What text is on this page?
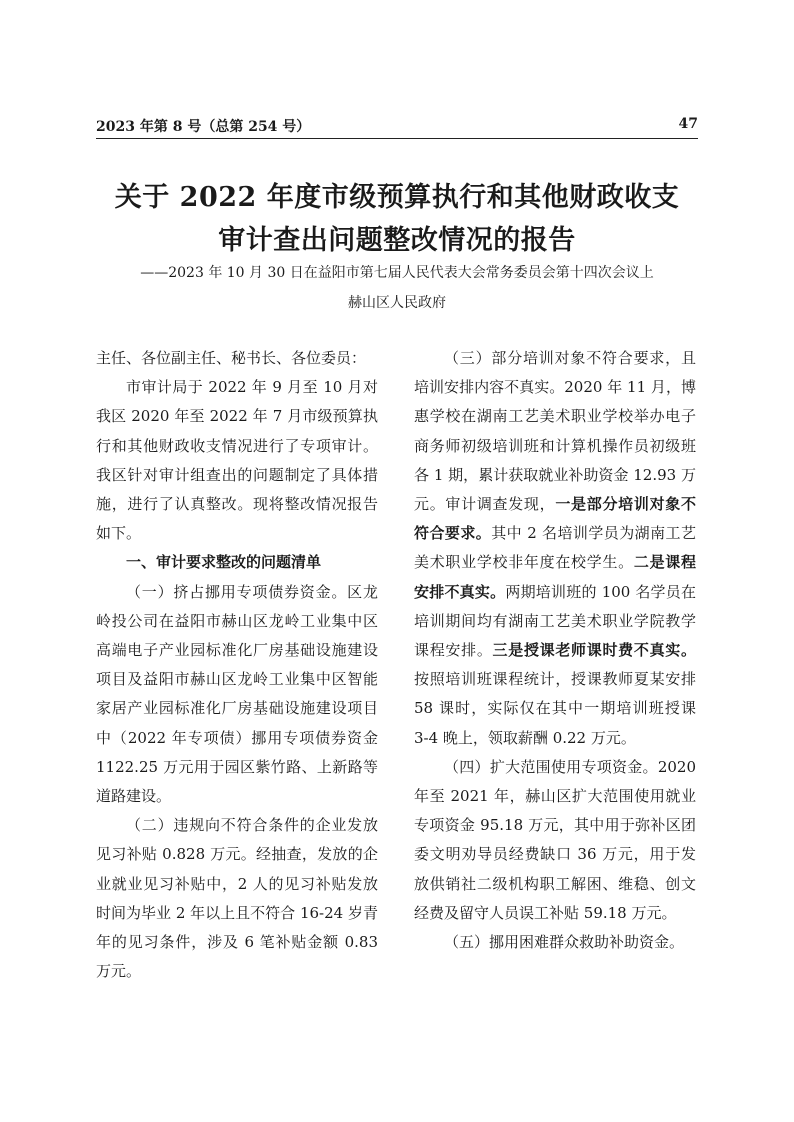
2023 年第 8 号（总第 254 号）	47
关于 2022 年度市级预算执行和其他财政收支
审计查出问题整改情况的报告

——2023 年 10 月 30 日在益阳市第七届人民代表大会常务委员会第十四次会议上

赫山区人民政府

主任、各位副主任、秘书长、各位委员：

市审计局于 2022 年 9 月至 10 月对我区 2020 年至 2022 年 7 月市级预算执行和其他财政收支情况进行了专项审计。我区针对审计组查出的问题制定了具体措施，进行了认真整改。现将整改情况报告如下。

一、审计要求整改的问题清单

（一）挤占挪用专项债券资金。区龙岭投公司在益阳市赫山区龙岭工业集中区高端电子产业园标准化厂房基础设施建设项目及益阳市赫山区龙岭工业集中区智能家居产业园标准化厂房基础设施建设项目中（2022 年专项债）挪用专项债券资金 1122.25 万元用于园区紫竹路、上新路等道路建设。

（二）违规向不符合条件的企业发放见习补贴 0.828 万元。经抽查，发放的企业就业见习补贴中，2 人的见习补贴发放时间为毕业 2 年以上且不符合 16-24 岁青年的见习条件，涉及 6 笔补贴金额 0.83 万元。

（三）部分培训对象不符合要求，且培训安排内容不真实。2020 年 11 月，博惠学校在湖南工艺美术职业学校举办电子商务师初级培训班和计算机操作员初级班各 1 期，累计获取就业补助资金 12.93 万元。审计调查发现，一是部分培训对象不符合要求。其中 2 名培训学员为湖南工艺美术职业学校非年度在校学生。二是课程安排不真实。两期培训班的 100 名学员在培训期间均有湖南工艺美术职业学院教学课程安排。三是授课老师课时费不真实。按照培训班课程统计，授课教师夏某安排 58 课时，实际仅在其中一期培训班授课 3-4 晚上，领取薪酬 0.22 万元。

（四）扩大范围使用专项资金。2020 年至 2021 年，赫山区扩大范围使用就业专项资金 95.18 万元，其中用于弥补区团委文明劝导员经费缺口 36 万元，用于发放供销社二级机构职工解困、维稳、创文经费及留守人员误工补贴 59.18 万元。

（五）挪用困难群众救助补助资金。
